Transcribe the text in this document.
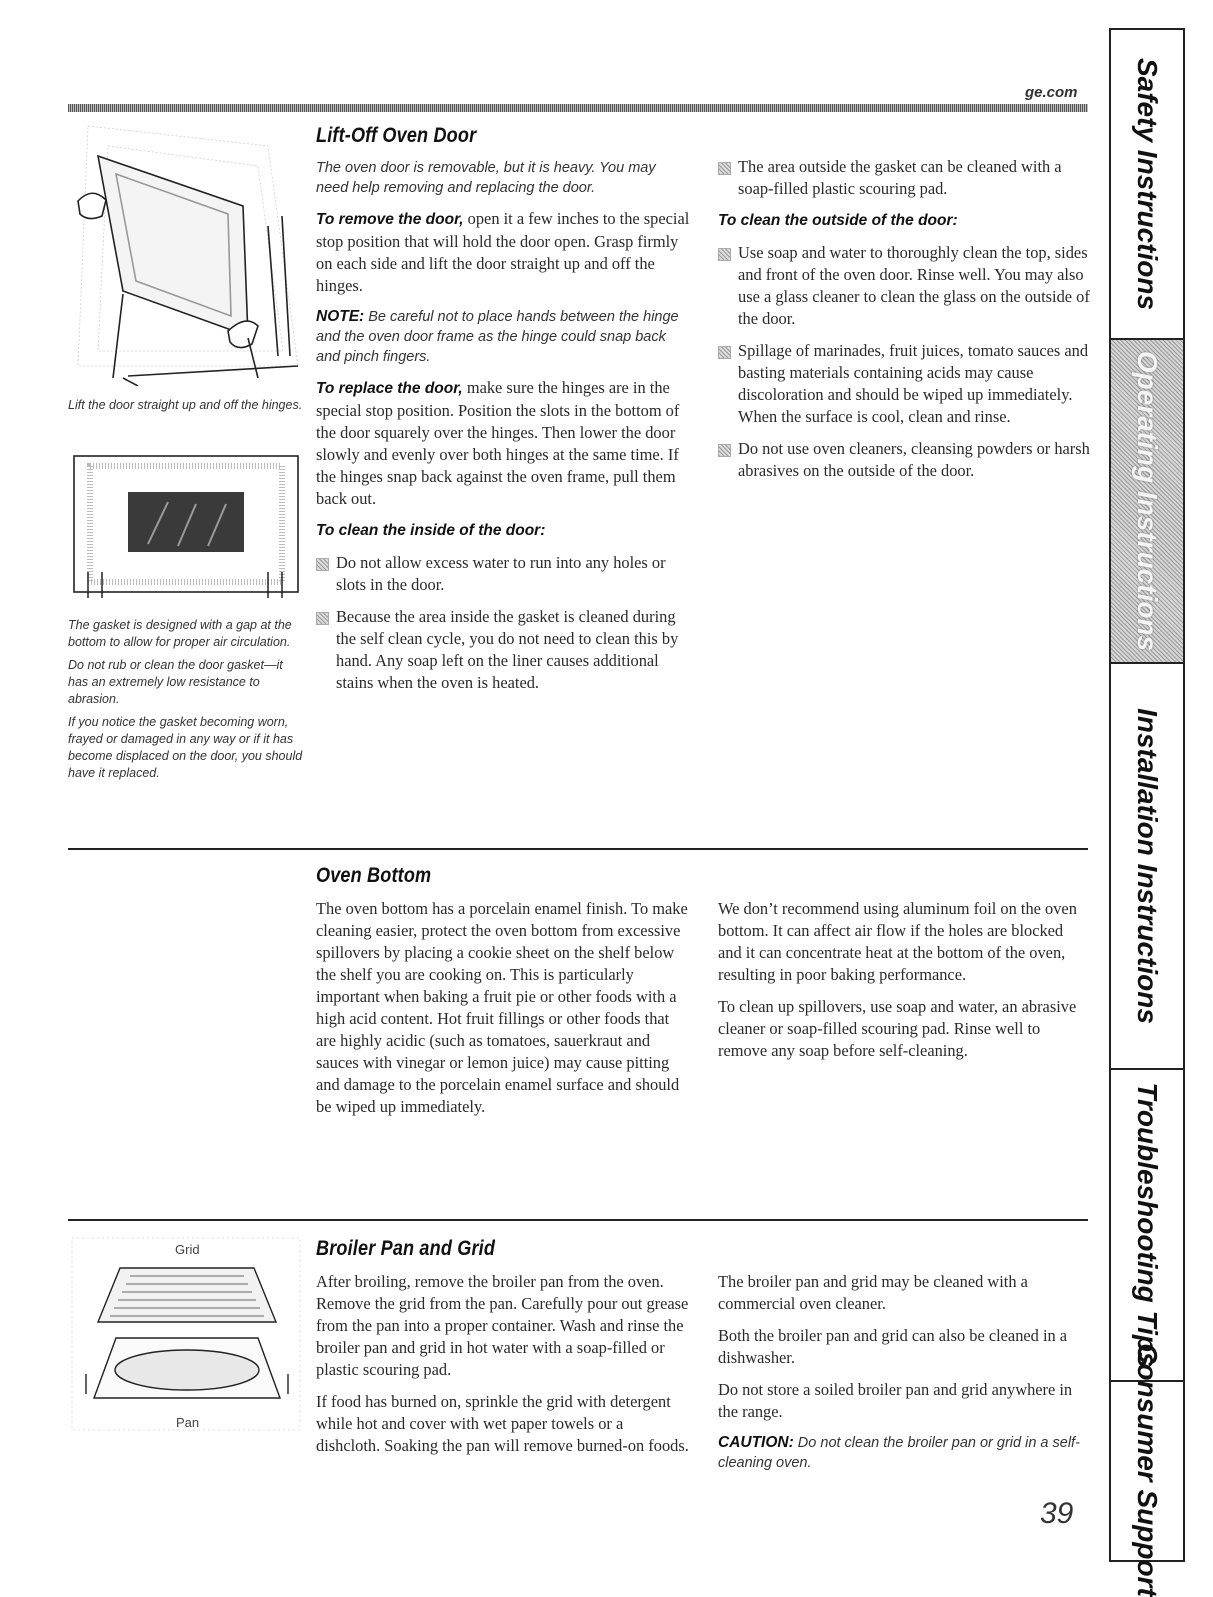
ge.com
Lift the door straight up and off the hinges.

The gasket is designed with a gap at the bottom to allow for proper air circulation.

Do not rub or clean the door gasket—it has an extremely low resistance to abrasion.

If you notice the gasket becoming worn, frayed or damaged in any way or if it has become displaced on the door, you should have it replaced.

Lift-Off Oven Door

The oven door is removable, but it is heavy. You may need help removing and replacing the door.

To remove the door, open it a few inches to the special stop position that will hold the door open. Grasp firmly on each side and lift the door straight up and off the hinges.

NOTE: Be careful not to place hands between the hinge and the oven door frame as the hinge could snap back and pinch fingers.

To replace the door, make sure the hinges are in the special stop position. Position the slots in the bottom of the door squarely over the hinges. Then lower the door slowly and evenly over both hinges at the same time. If the hinges snap back against the oven frame, pull them back out.

To clean the inside of the door:
Do not allow excess water to run into any holes or slots in the door.
Because the area inside the gasket is cleaned during the self clean cycle, you do not need to clean this by hand. Any soap left on the liner causes additional stains when the oven is heated.
The area outside the gasket can be cleaned with a soap-filled plastic scouring pad.
To clean the outside of the door:
Use soap and water to thoroughly clean the top, sides and front of the oven door. Rinse well. You may also use a glass cleaner to clean the glass on the outside of the door.
Spillage of marinades, fruit juices, tomato sauces and basting materials containing acids may cause discoloration and should be wiped up immediately. When the surface is cool, clean and rinse.
Do not use oven cleaners, cleansing powders or harsh abrasives on the outside of the door.
Oven Bottom

The oven bottom has a porcelain enamel finish. To make cleaning easier, protect the oven bottom from excessive spillovers by placing a cookie sheet on the shelf below the shelf you are cooking on. This is particularly important when baking a fruit pie or other foods with a high acid content. Hot fruit fillings or other foods that are highly acidic (such as tomatoes, sauerkraut and sauces with vinegar or lemon juice) may cause pitting and damage to the porcelain enamel surface and should be wiped up immediately.

We don’t recommend using aluminum foil on the oven bottom. It can affect air flow if the holes are blocked and it can concentrate heat at the bottom of the oven, resulting in poor baking performance.

To clean up spillovers, use soap and water, an abrasive cleaner or soap-filled scouring pad. Rinse well to remove any soap before self-cleaning.

Grid
Pan
Broiler Pan and Grid

After broiling, remove the broiler pan from the oven. Remove the grid from the pan. Carefully pour out grease from the pan into a proper container. Wash and rinse the broiler pan and grid in hot water with a soap-filled or plastic scouring pad.

If food has burned on, sprinkle the grid with detergent while hot and cover with wet paper towels or a dishcloth. Soaking the pan will remove burned-on foods.

The broiler pan and grid may be cleaned with a commercial oven cleaner.

Both the broiler pan and grid can also be cleaned in a dishwasher.

Do not store a soiled broiler pan and grid anywhere in the range.

CAUTION: Do not clean the broiler pan or grid in a self-cleaning oven.

39
Safety Instructions
Operating Instructions
Installation Instructions
Troubleshooting Tips
Consumer Support
